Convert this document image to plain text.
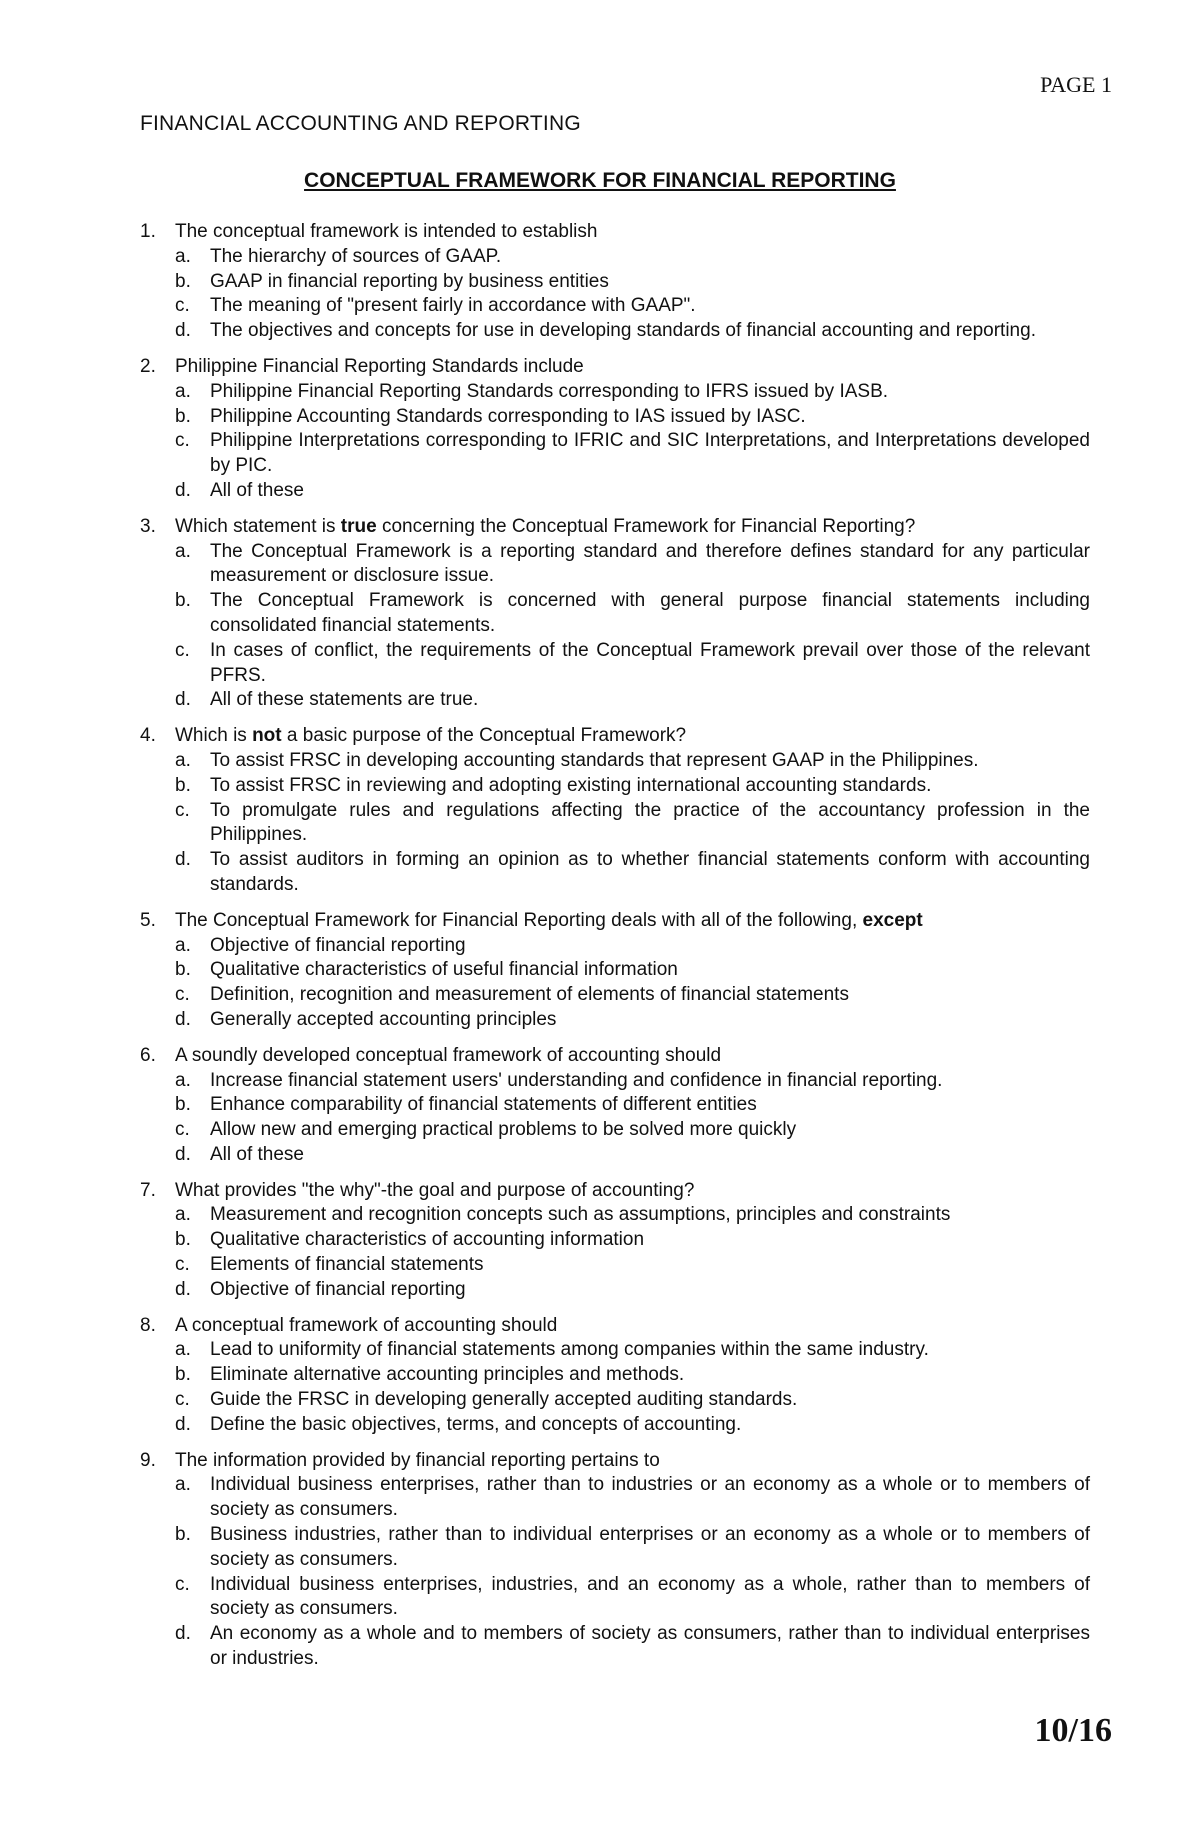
PAGE 1
FINANCIAL ACCOUNTING AND REPORTING
CONCEPTUAL FRAMEWORK FOR FINANCIAL REPORTING
1.	The conceptual framework is intended to establish
a.	The hierarchy of sources of GAAP.
b.	GAAP in financial reporting by business entities
c.	The meaning of "present fairly in accordance with GAAP".
d.	The objectives and concepts for use in developing standards of financial accounting and reporting.
2.	Philippine Financial Reporting Standards include
a.	Philippine Financial Reporting Standards corresponding to IFRS issued by IASB.
b.	Philippine Accounting Standards corresponding to IAS issued by IASC.
c.	Philippine Interpretations corresponding to IFRIC and SIC Interpretations, and Interpretations developed by PIC.
d.	All of these
3.	Which statement is true concerning the Conceptual Framework for Financial Reporting?
a.	The Conceptual Framework is a reporting standard and therefore defines standard for any particular measurement or disclosure issue.
b.	The Conceptual Framework is concerned with general purpose financial statements including consolidated financial statements.
c.	In cases of conflict, the requirements of the Conceptual Framework prevail over those of the relevant PFRS.
d.	All of these statements are true.
4.	Which is not a basic purpose of the Conceptual Framework?
a.	To assist FRSC in developing accounting standards that represent GAAP in the Philippines.
b.	To assist FRSC in reviewing and adopting existing international accounting standards.
c.	To promulgate rules and regulations affecting the practice of the accountancy profession in the Philippines.
d.	To assist auditors in forming an opinion as to whether financial statements conform with accounting standards.
5.	The Conceptual Framework for Financial Reporting deals with all of the following, except
a.	Objective of financial reporting
b.	Qualitative characteristics of useful financial information
c.	Definition, recognition and measurement of elements of financial statements
d.	Generally accepted accounting principles
6.	A soundly developed conceptual framework of accounting should
a.	Increase financial statement users' understanding and confidence in financial reporting.
b.	Enhance comparability of financial statements of different entities
c.	Allow new and emerging practical problems to be solved more quickly
d.	All of these
7.	What provides "the why"-the goal and purpose of accounting?
a.	Measurement and recognition concepts such as assumptions, principles and constraints
b.	Qualitative characteristics of accounting information
c.	Elements of financial statements
d.	Objective of financial reporting
8.	A conceptual framework of accounting should
a.	Lead to uniformity of financial statements among companies within the same industry.
b.	Eliminate alternative accounting principles and methods.
c.	Guide the FRSC in developing generally accepted auditing standards.
d.	Define the basic objectives, terms, and concepts of accounting.
9.	The information provided by financial reporting pertains to
a.	Individual business enterprises, rather than to industries or an economy as a whole or to members of society as consumers.
b.	Business industries, rather than to individual enterprises or an economy as a whole or to members of society as consumers.
c.	Individual business enterprises, industries, and an economy as a whole, rather than to members of society as consumers.
d.	An economy as a whole and to members of society as consumers, rather than to individual enterprises or industries.
10/16
